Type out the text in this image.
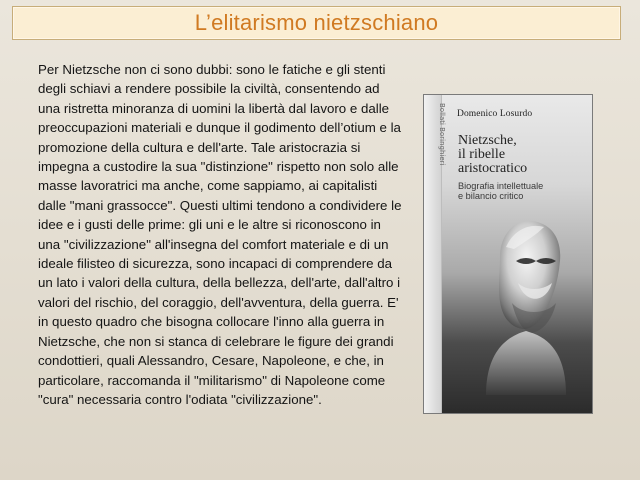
L’elitarismo nietzschiano
Per Nietzsche non ci sono dubbi: sono le fatiche e gli stenti degli schiavi a rendere possibile la civiltà, consentendo ad una ristretta minoranza di uomini la libertà dal lavoro e dalle preoccupazioni materiali e dunque il godimento dell’otium e la promozione della cultura e dell'arte. Tale aristocrazia si impegna a custodire la sua "distinzione" rispetto non solo alle masse lavoratrici ma anche, come sappiamo, ai capitalisti dalle "mani grassocce". Questi ultimi tendono a condividere le idee e i gusti delle prime: gli uni e le altre si riconoscono in una "civilizzazione" all'insegna del comfort materiale e di un ideale filisteo di sicurezza, sono incapaci di comprendere da un lato i valori della cultura, della bellezza, dell'arte, dall'altro i valori del rischio, del coraggio, dell'avventura, della guerra. E' in questo quadro che bisogna collocare l'inno alla guerra in Nietzsche, che non si stanca di celebrare le figure dei grandi condottieri, quali Alessandro, Cesare, Napoleone, e che, in particolare, raccomanda il "militarismo" di Napoleone come "cura" necessaria contro l'odiata "civilizzazione".
Bollati Boringhieri Domenico Losurdo
Nietzsche,
il ribelle
aristocratico
Biografia intellettuale
e bilancio critico
